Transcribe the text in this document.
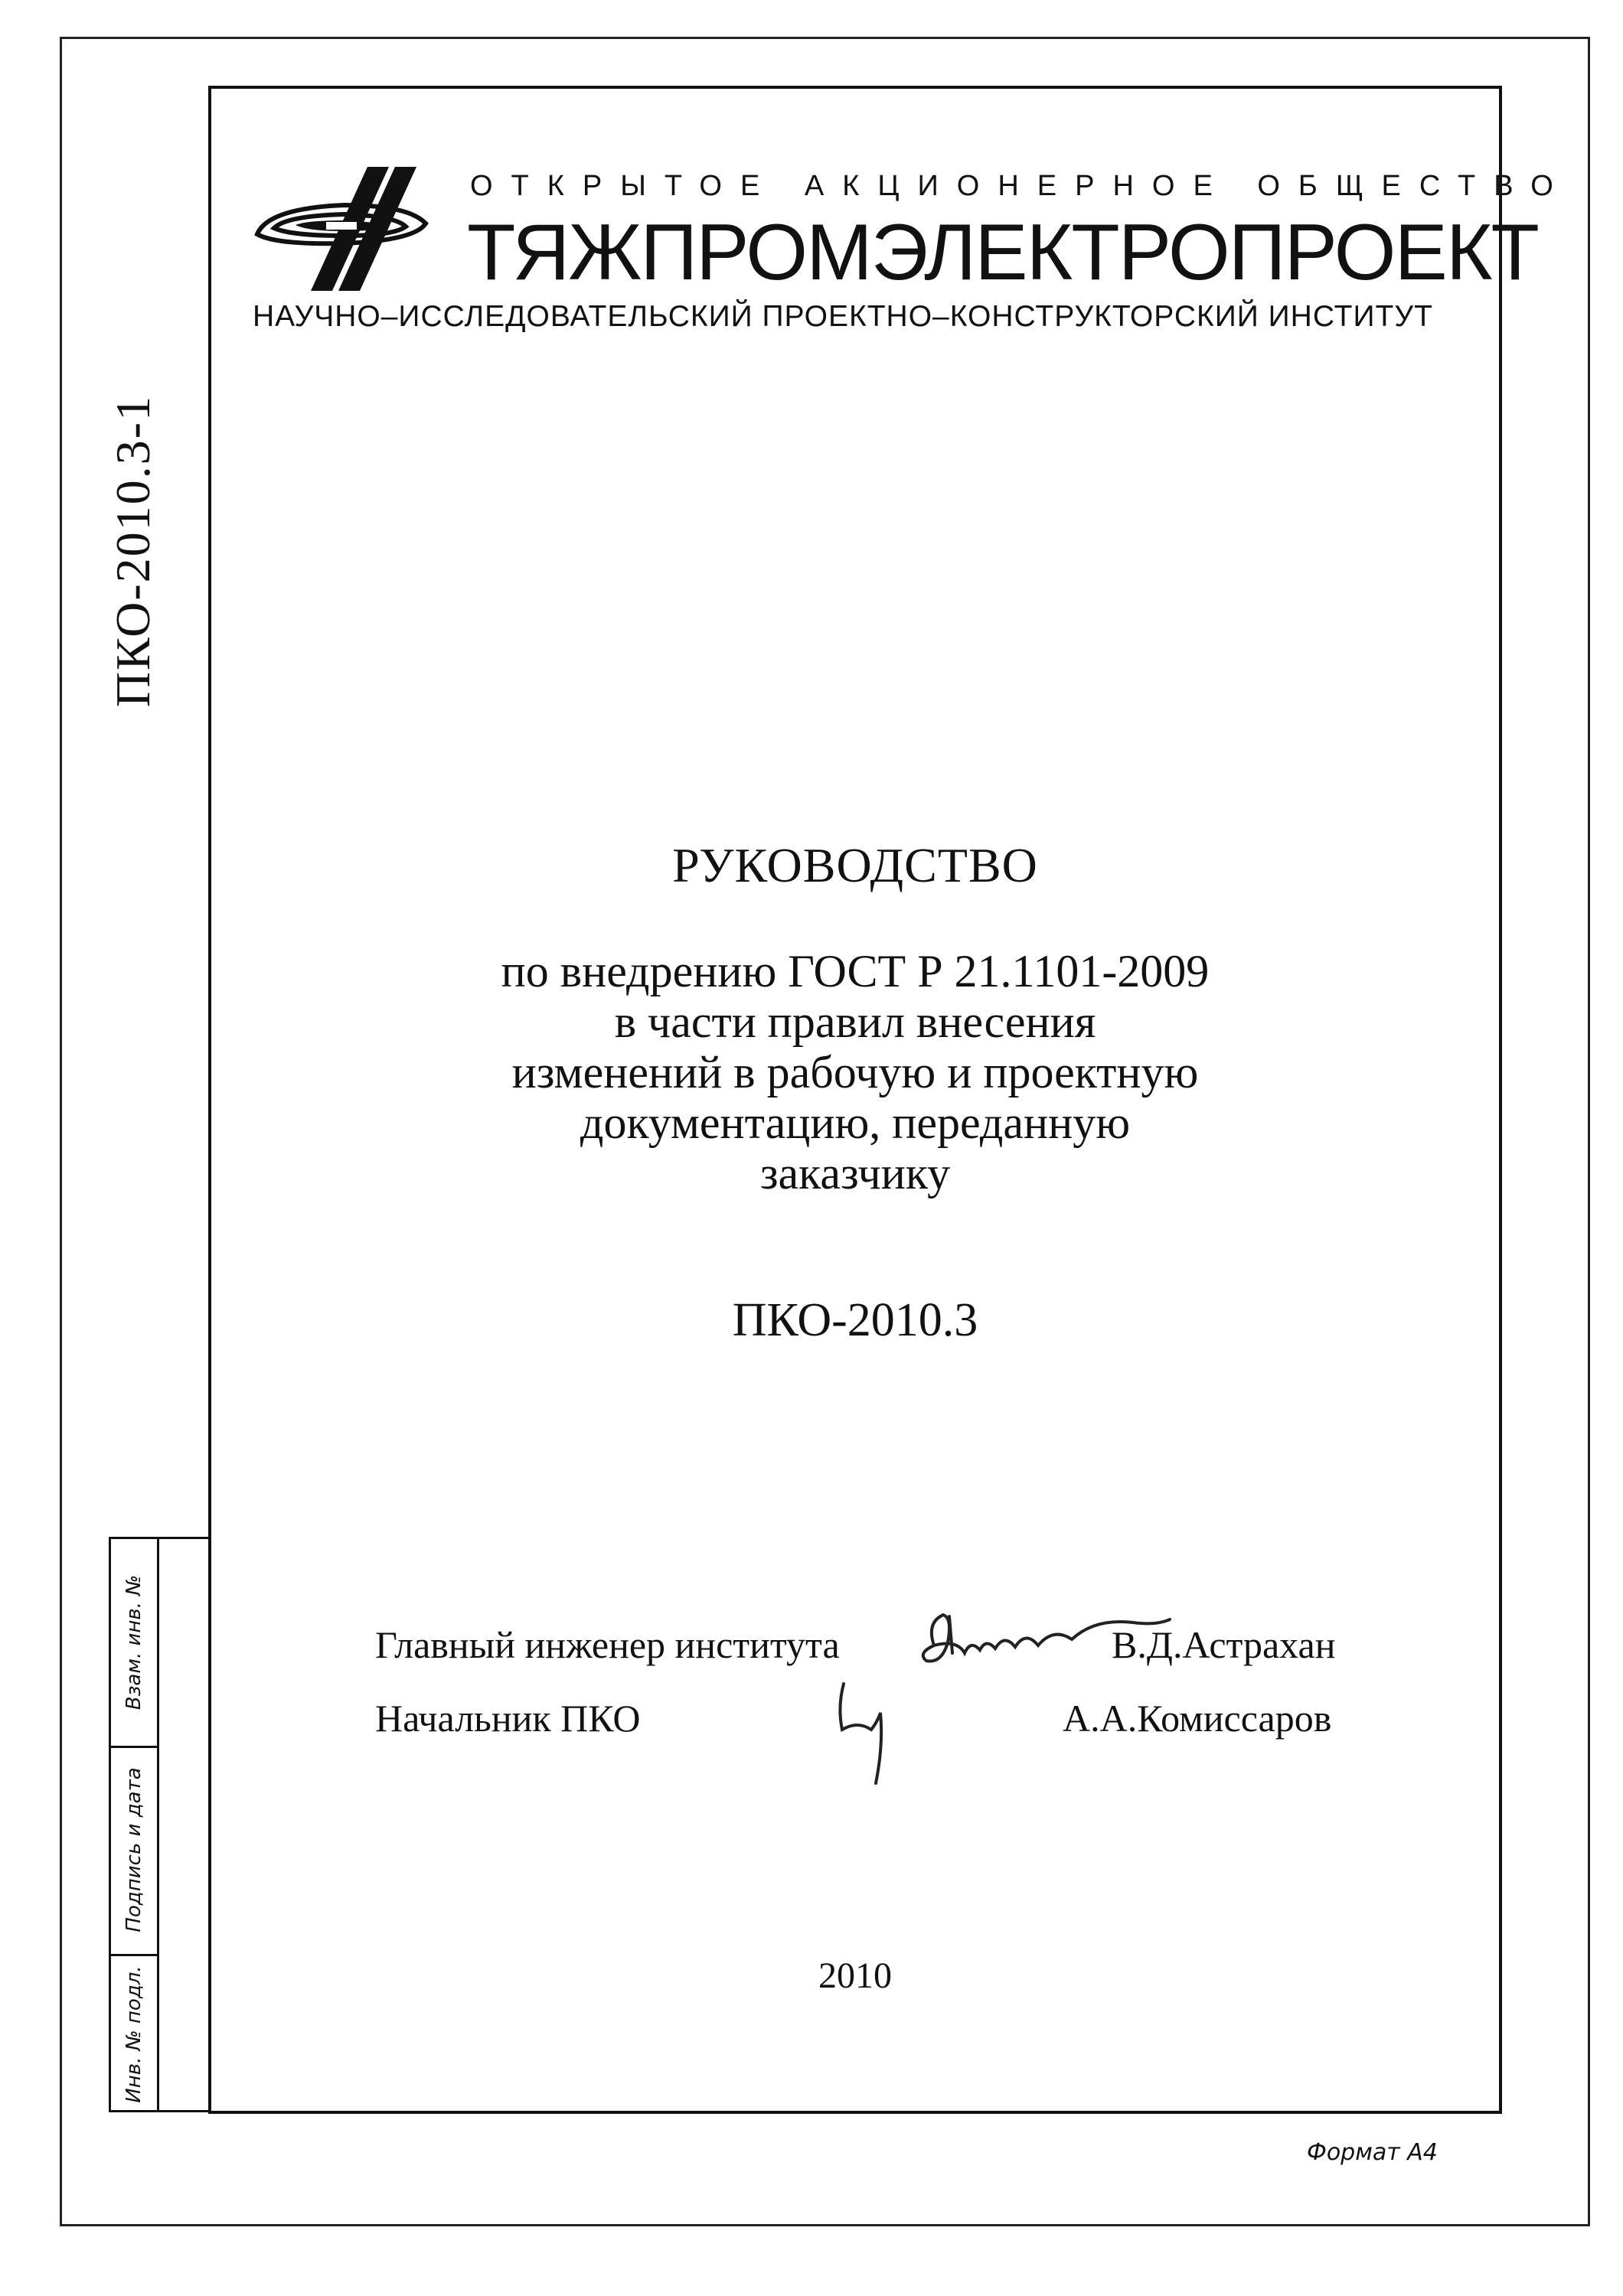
ПКО-2010.3-1
Взам. инв. №
Подпись и дата
Инв. № подл.
ОТКРЫТОЕ АКЦИОНЕРНОЕ ОБЩЕСТВО
ТЯЖПРОМЭЛЕКТРОПРОЕКТ
НАУЧНО–ИССЛЕДОВАТЕЛЬСКИЙ ПРОЕКТНО–КОНСТРУКТОРСКИЙ ИНСТИТУТ
РУКОВОДСТВО
по внедрению ГОСТ Р 21.1101-2009
в части правил внесения
изменений в рабочую и проектную
документацию, переданную
заказчику
ПКО-2010.3
Главный инженер института	В.Д.Астрахан
Начальник ПКО	А.А.Комиссаров
2010
Формат А4
